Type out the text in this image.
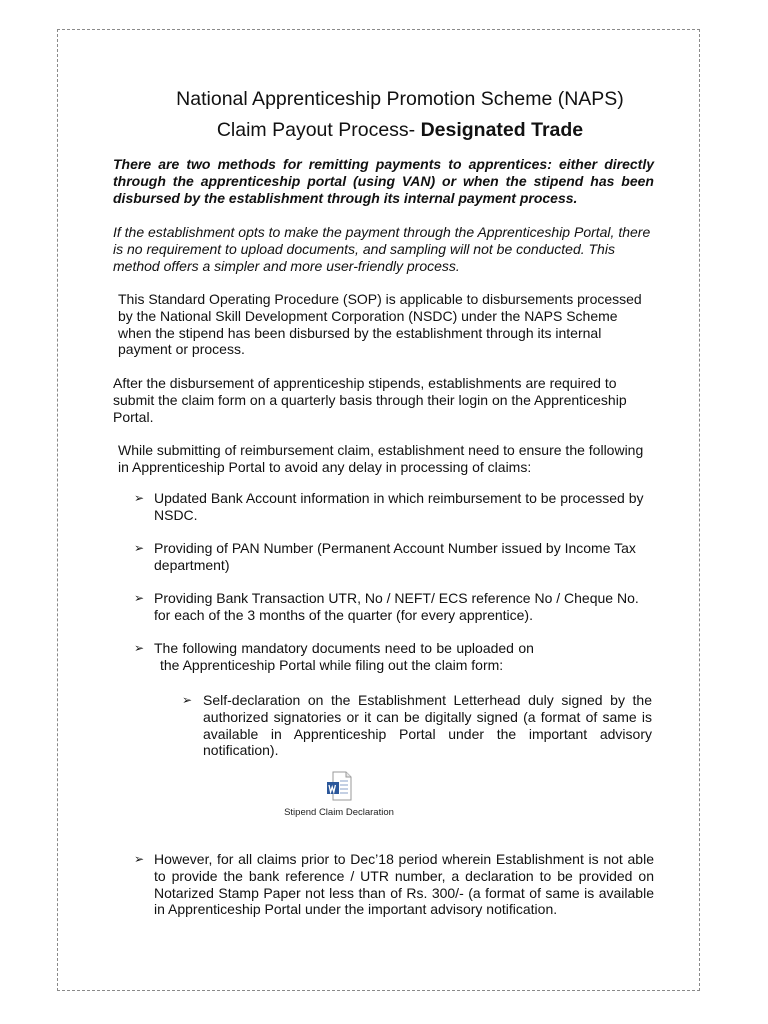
National Apprenticeship Promotion Scheme (NAPS)
Claim Payout Process- Designated Trade

There are two methods for remitting payments to apprentices: either directly through the apprenticeship portal (using VAN) or when the stipend has been disbursed by the establishment through its internal payment process.

If the establishment opts to make the payment through the Apprenticeship Portal, there is no requirement to upload documents, and sampling will not be conducted. This method offers a simpler and more user-friendly process.

This Standard Operating Procedure (SOP) is applicable to disbursements processed by the National Skill Development Corporation (NSDC) under the NAPS Scheme when the stipend has been disbursed by the establishment through its internal payment or process.

After the disbursement of apprenticeship stipends, establishments are required to submit the claim form on a quarterly basis through their login on the Apprenticeship Portal.

While submitting of reimbursement claim, establishment need to ensure the following in Apprenticeship Portal to avoid any delay in processing of claims:

➢ Updated Bank Account information in which reimbursement to be processed by NSDC.
➢ Providing of PAN Number (Permanent Account Number issued by Income Tax department)
➢ Providing Bank Transaction UTR, No / NEFT/ ECS reference No / Cheque No. for each of the 3 months of the quarter (for every apprentice).
➢ The following mandatory documents need to be uploaded on
the Apprenticeship Portal while filing out the claim form:
➢ Self-declaration on the Establishment Letterhead duly signed by the authorized signatories or it can be digitally signed (a format of same is available in Apprenticeship Portal under the important advisory notification).
Stipend Claim Declaration
➢ However, for all claims prior to Dec’18 period wherein Establishment is not able to provide the bank reference / UTR number, a declaration to be provided on Notarized Stamp Paper not less than of Rs. 300/- (a format of same is available in Apprenticeship Portal under the important advisory notification.
